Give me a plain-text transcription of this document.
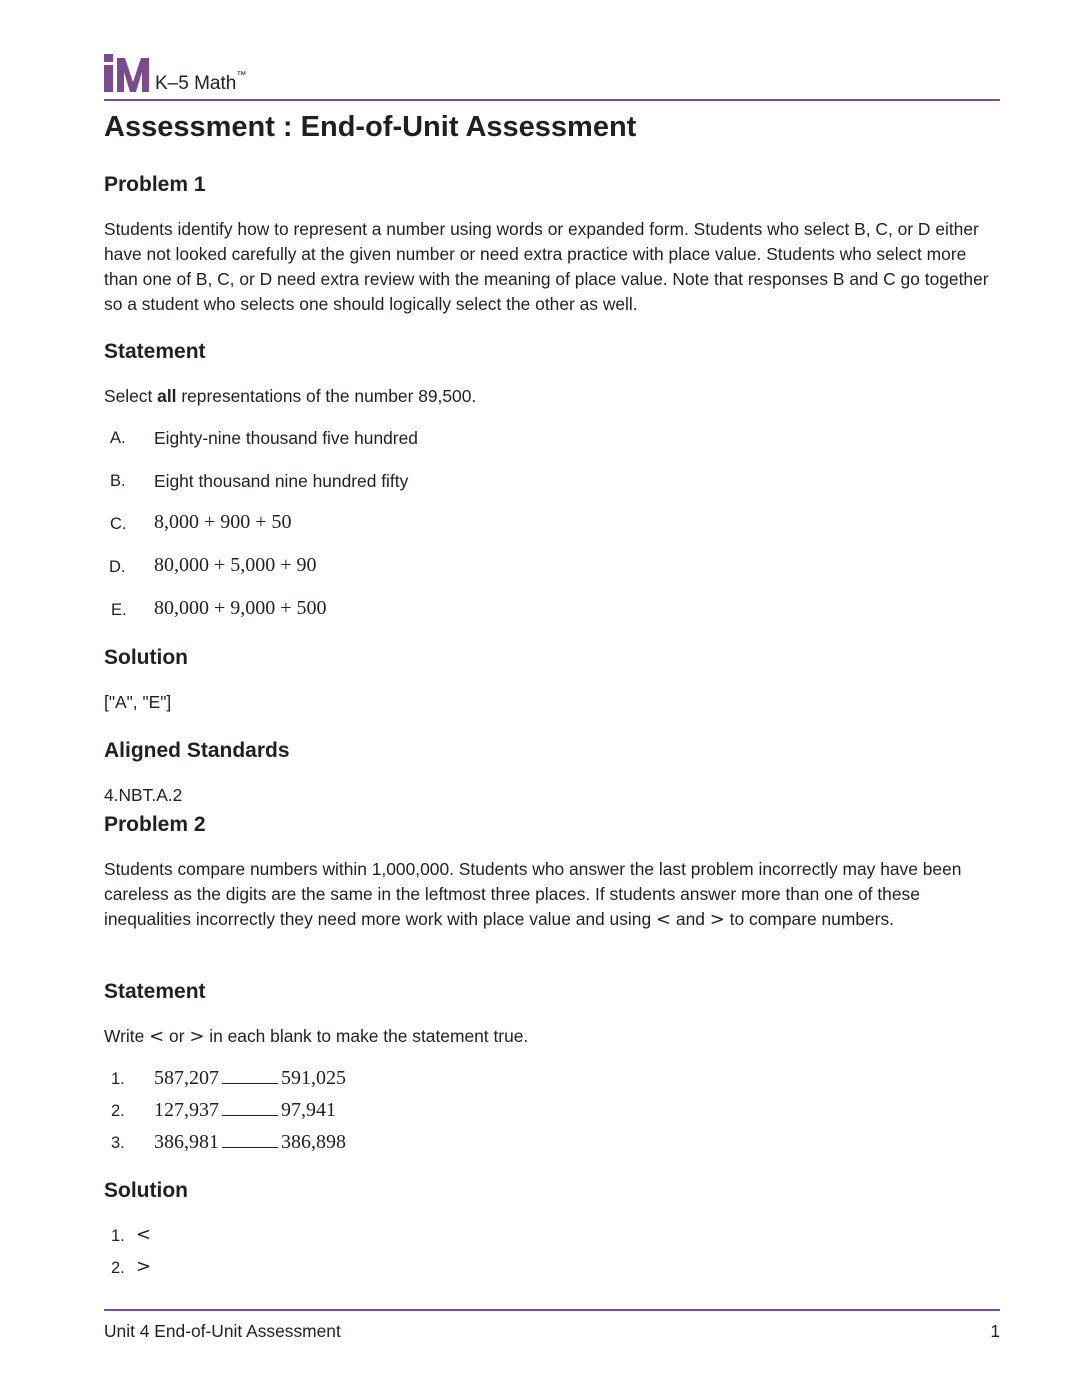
K–5 Math™
Assessment : End-of-Unit Assessment
Problem 1

Students identify how to represent a number using words or expanded form. Students who select B, C, or D either have not looked carefully at the given number or need extra practice with place value. Students who select more than one of B, C, or D need extra review with the meaning of place value. Note that responses B and C go together so a student who selects one should logically select the other as well.

Statement
Select all representations of the number 89,500.
A. Eighty-nine thousand five hundred
B. Eight thousand nine hundred fifty
C. 8,000 + 900 + 50
D. 80,000 + 5,000 + 90
E. 80,000 + 9,000 + 500
Solution
["A", "E"]
Aligned Standards
4.NBT.A.2
Problem 2

Students compare numbers within 1,000,000. Students who answer the last problem incorrectly may have been careless as the digits are the same in the leftmost three places. If students answer more than one of these inequalities incorrectly they need more work with place value and using < and > to compare numbers.

Statement
Write < or > in each blank to make the statement true.
1. 587,207	591,025
2. 127,937	97,941
3. 386,981	386,898
Solution
1. <
2. >
Unit 4 End-of-Unit Assessment	1
